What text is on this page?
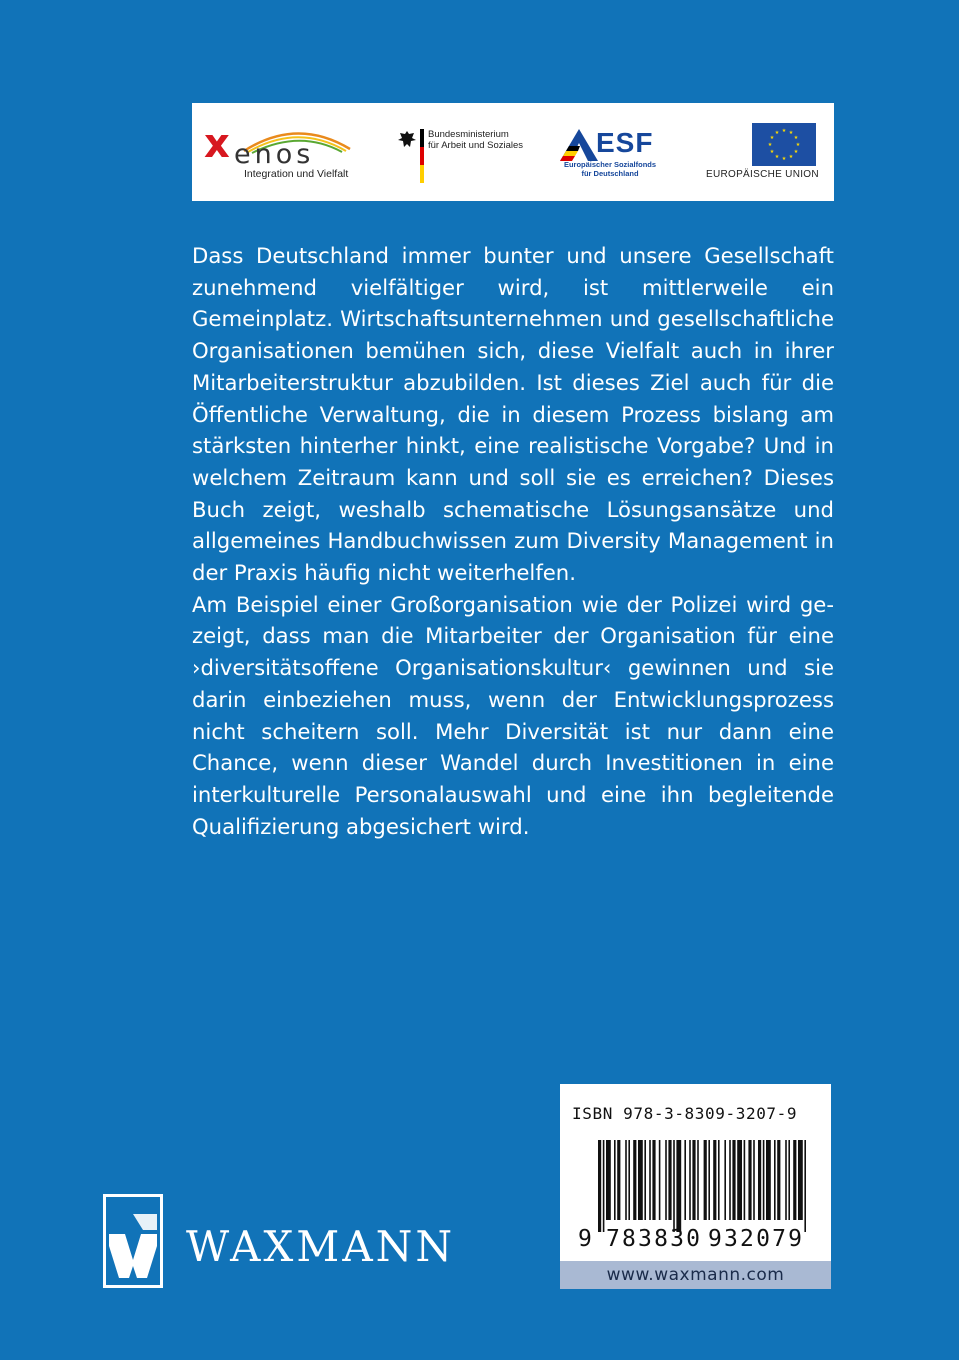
x enos
Integration und Vielfalt
Bundesministerium
für Arbeit und Soziales	ESF
Europäischer Sozialfonds
für Deutschland
★ ★
★
★
★
★
★
★
★
★
★
★
EUROPÄISCHE UNION

Dass Deutschland immer bunter und unsere Gesellschaft zunehmend vielfältiger wird, ist mittlerweile ein Gemeinplatz. Wirtschaftsunternehmen und gesellschaftliche Organisationen bemühen sich, diese Vielfalt auch in ihrer Mitarbeiterstruktur abzubilden. Ist dieses Ziel auch für die Öffentliche Verwaltung, die in diesem Prozess bislang am stärksten hinterher hinkt, eine realistische Vorgabe? Und in welchem Zeitraum kann und soll sie es erreichen? Dieses Buch zeigt, weshalb schematische Lösungsansätze und allgemeines Handbuchwissen zum Diversity Management in der Praxis häufig nicht weiterhelfen.

Am Beispiel einer Großorganisation wie der Polizei wird gezeigt, dass man die Mitarbeiter der Organisation für eine ›diversitätsoffene Organisationskultur‹ gewinnen und sie darin einbeziehen muss, wenn der Entwicklungsprozess nicht scheitern soll. Mehr Diversität ist nur dann eine Chance, wenn dieser Wandel durch Investitionen in eine interkulturelle Personalauswahl und eine ihn begleitende Qualifizierung abgesichert wird.

ISBN 978-3-8309-3207-9
9 783830 932079
www.waxmann.com
WAXMANN
